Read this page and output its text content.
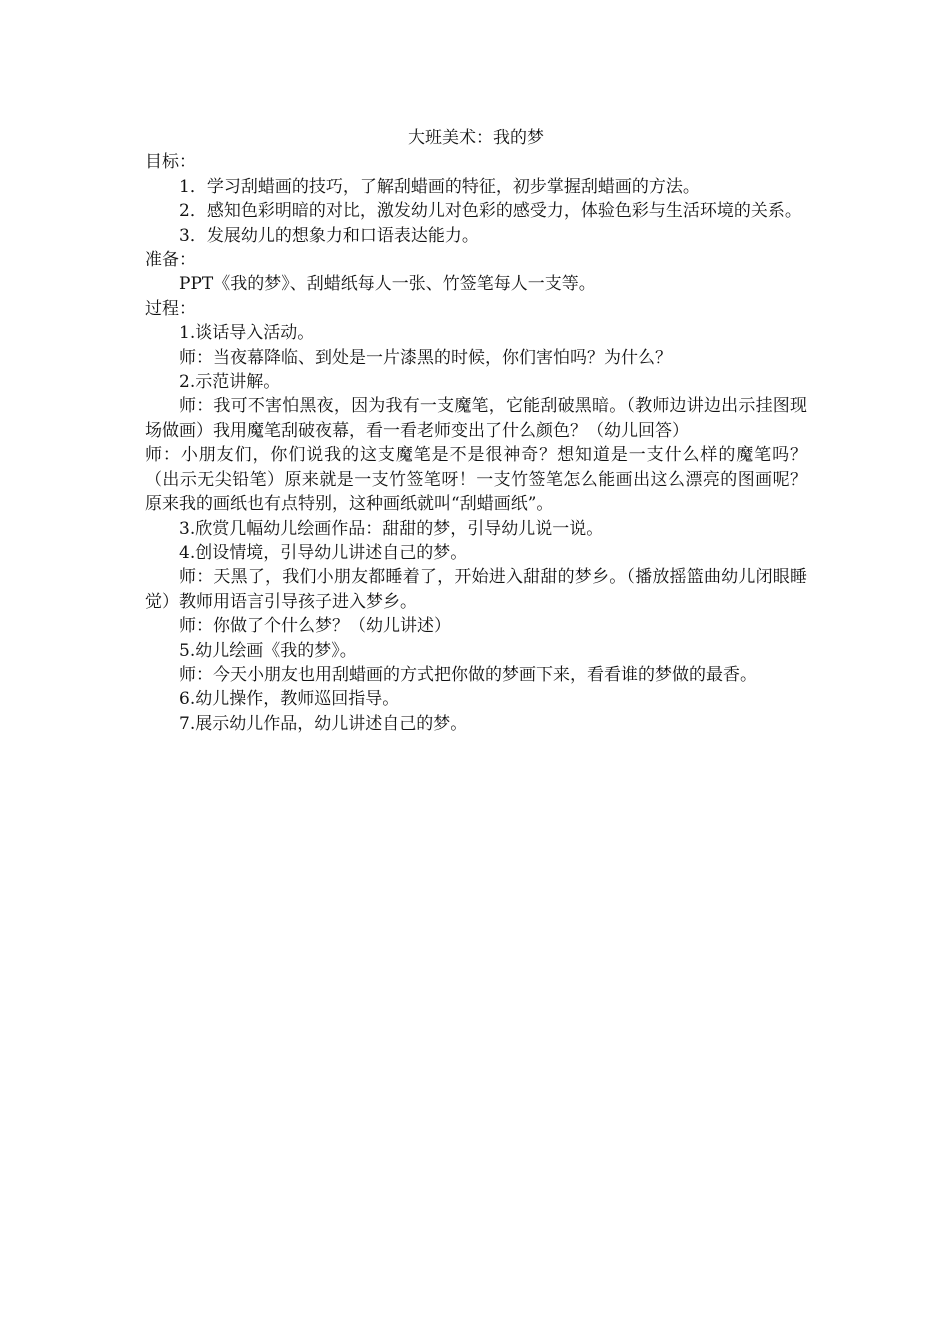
大班美术：我的梦

目标：

1．学习刮蜡画的技巧，了解刮蜡画的特征，初步掌握刮蜡画的方法。

2．感知色彩明暗的对比，激发幼儿对色彩的感受力，体验色彩与生活环境的关系。

3．发展幼儿的想象力和口语表达能力。

准备：

PPT《我的梦》、刮蜡纸每人一张、竹签笔每人一支等。

过程：

1.谈话导入活动。

师：当夜幕降临、到处是一片漆黑的时候，你们害怕吗？为什么？

2.示范讲解。

师：我可不害怕黑夜，因为我有一支魔笔，它能刮破黑暗。（教师边讲边出示挂图现场做画）我用魔笔刮破夜幕，看一看老师变出了什么颜色？（幼儿回答）

师：小朋友们，你们说我的这支魔笔是不是很神奇？想知道是一支什么样的魔笔吗？（出示无尖铅笔）原来就是一支竹签笔呀！一支竹签笔怎么能画出这么漂亮的图画呢？原来我的画纸也有点特别，这种画纸就叫“刮蜡画纸”。

3.欣赏几幅幼儿绘画作品：甜甜的梦，引导幼儿说一说。

4.创设情境，引导幼儿讲述自己的梦。

师：天黑了，我们小朋友都睡着了，开始进入甜甜的梦乡。（播放摇篮曲幼儿闭眼睡觉）教师用语言引导孩子进入梦乡。

师：你做了个什么梦？（幼儿讲述）

5.幼儿绘画《我的梦》。

师：今天小朋友也用刮蜡画的方式把你做的梦画下来，看看谁的梦做的最香。

6.幼儿操作，教师巡回指导。

7.展示幼儿作品，幼儿讲述自己的梦。
